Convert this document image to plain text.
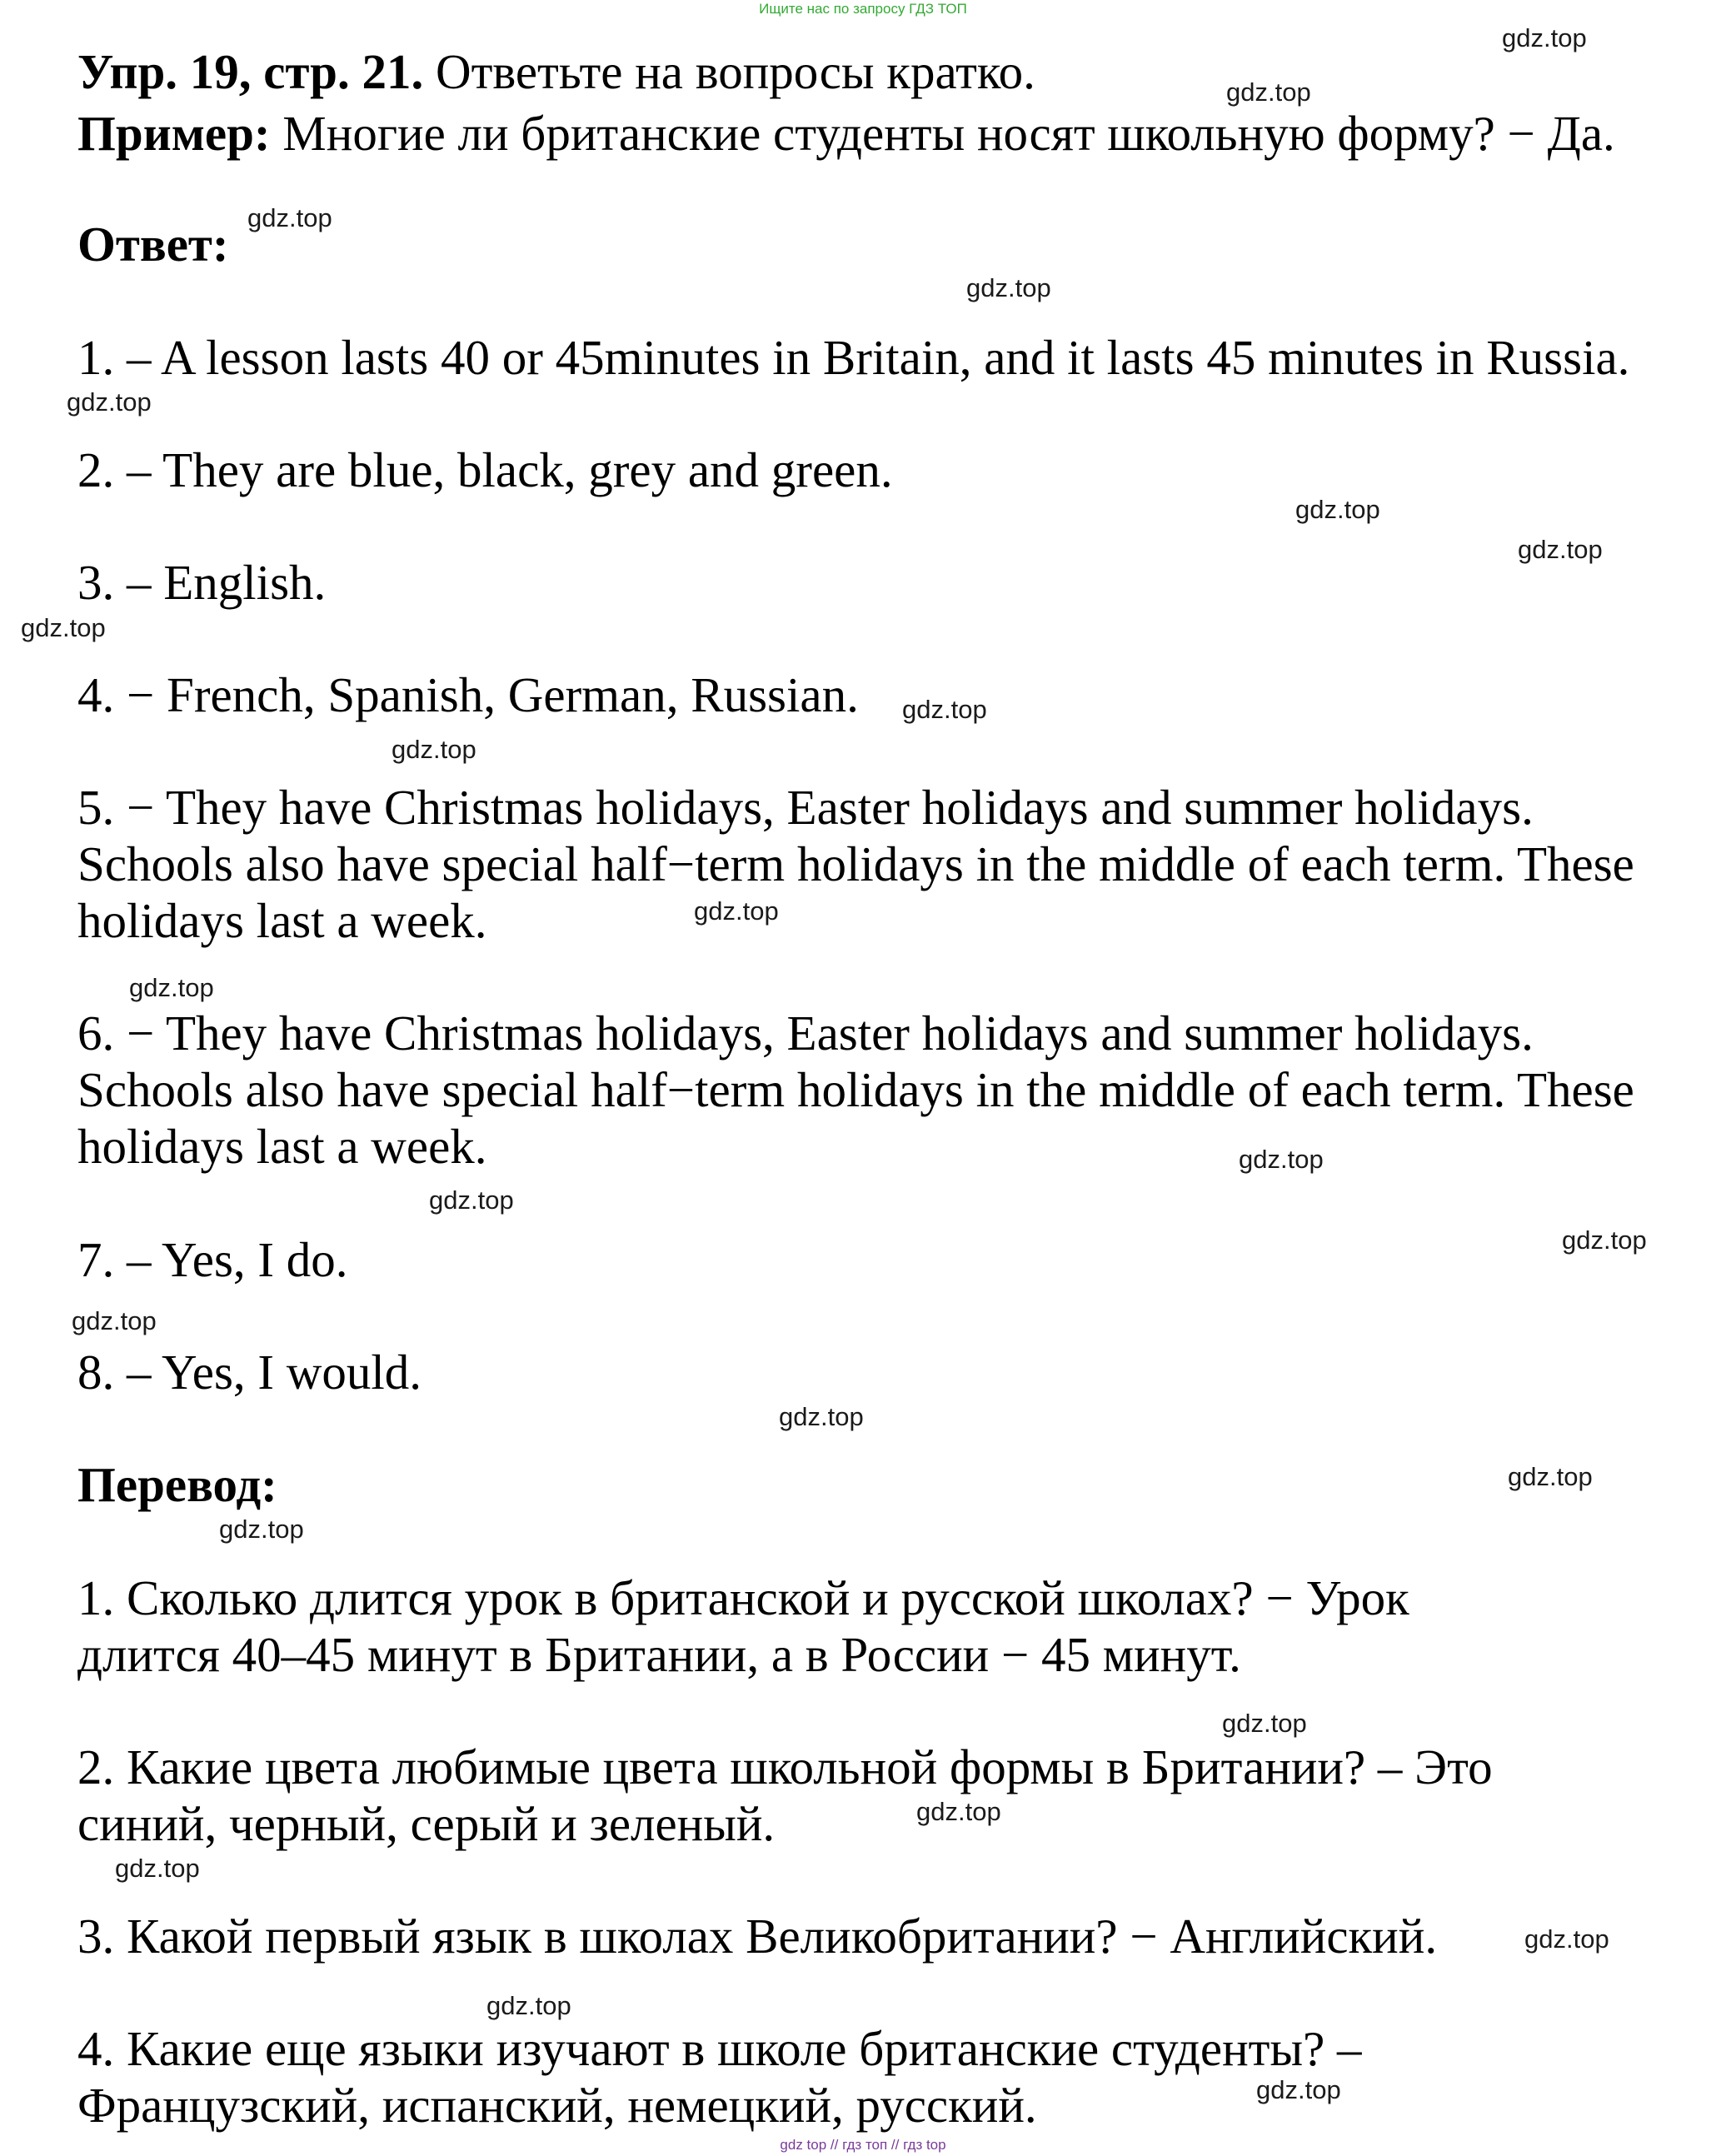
Ищите нас по запросу ГДЗ ТОП
Упр. 19, стр. 21. Ответьте на вопросы кратко.
Пример: Многие ли британские студенты носят школьную форму? − Да.
Ответ:
1. – A lesson lasts 40 or 45minutes in Britain, and it lasts 45 minutes in Russia.
2. – They are blue, black, grey and green.
3. – English.
4. − French, Spanish, German, Russian.
5. − They have Christmas holidays, Easter holidays and summer holidays.
Schools also have special half−term holidays in the middle of each term. These
holidays last a week.
6. − They have Christmas holidays, Easter holidays and summer holidays.
Schools also have special half−term holidays in the middle of each term. These
holidays last a week.
7. – Yes, I do.
8. – Yes, I would.
Перевод:
1. Сколько длится урок в британской и русской школах? − Урок
длится 40–45 минут в Британии, а в России − 45 минут.
2. Какие цвета любимые цвета школьной формы в Британии? – Это
синий, черный, серый и зеленый.
3. Какой первый язык в школах Великобритании? − Английский.
4. Какие еще языки изучают в школе британские студенты? –
Французский, испанский, немецкий, русский.
gdz.top
gdz.top
gdz.top
gdz.top
gdz.top
gdz.top
gdz.top
gdz.top
gdz.top
gdz.top
gdz.top
gdz.top
gdz.top
gdz.top
gdz.top
gdz.top
gdz.top
gdz.top
gdz.top
gdz.top
gdz.top
gdz.top
gdz.top
gdz.top
gdz.top
gdz top // гдз топ // гдз top
